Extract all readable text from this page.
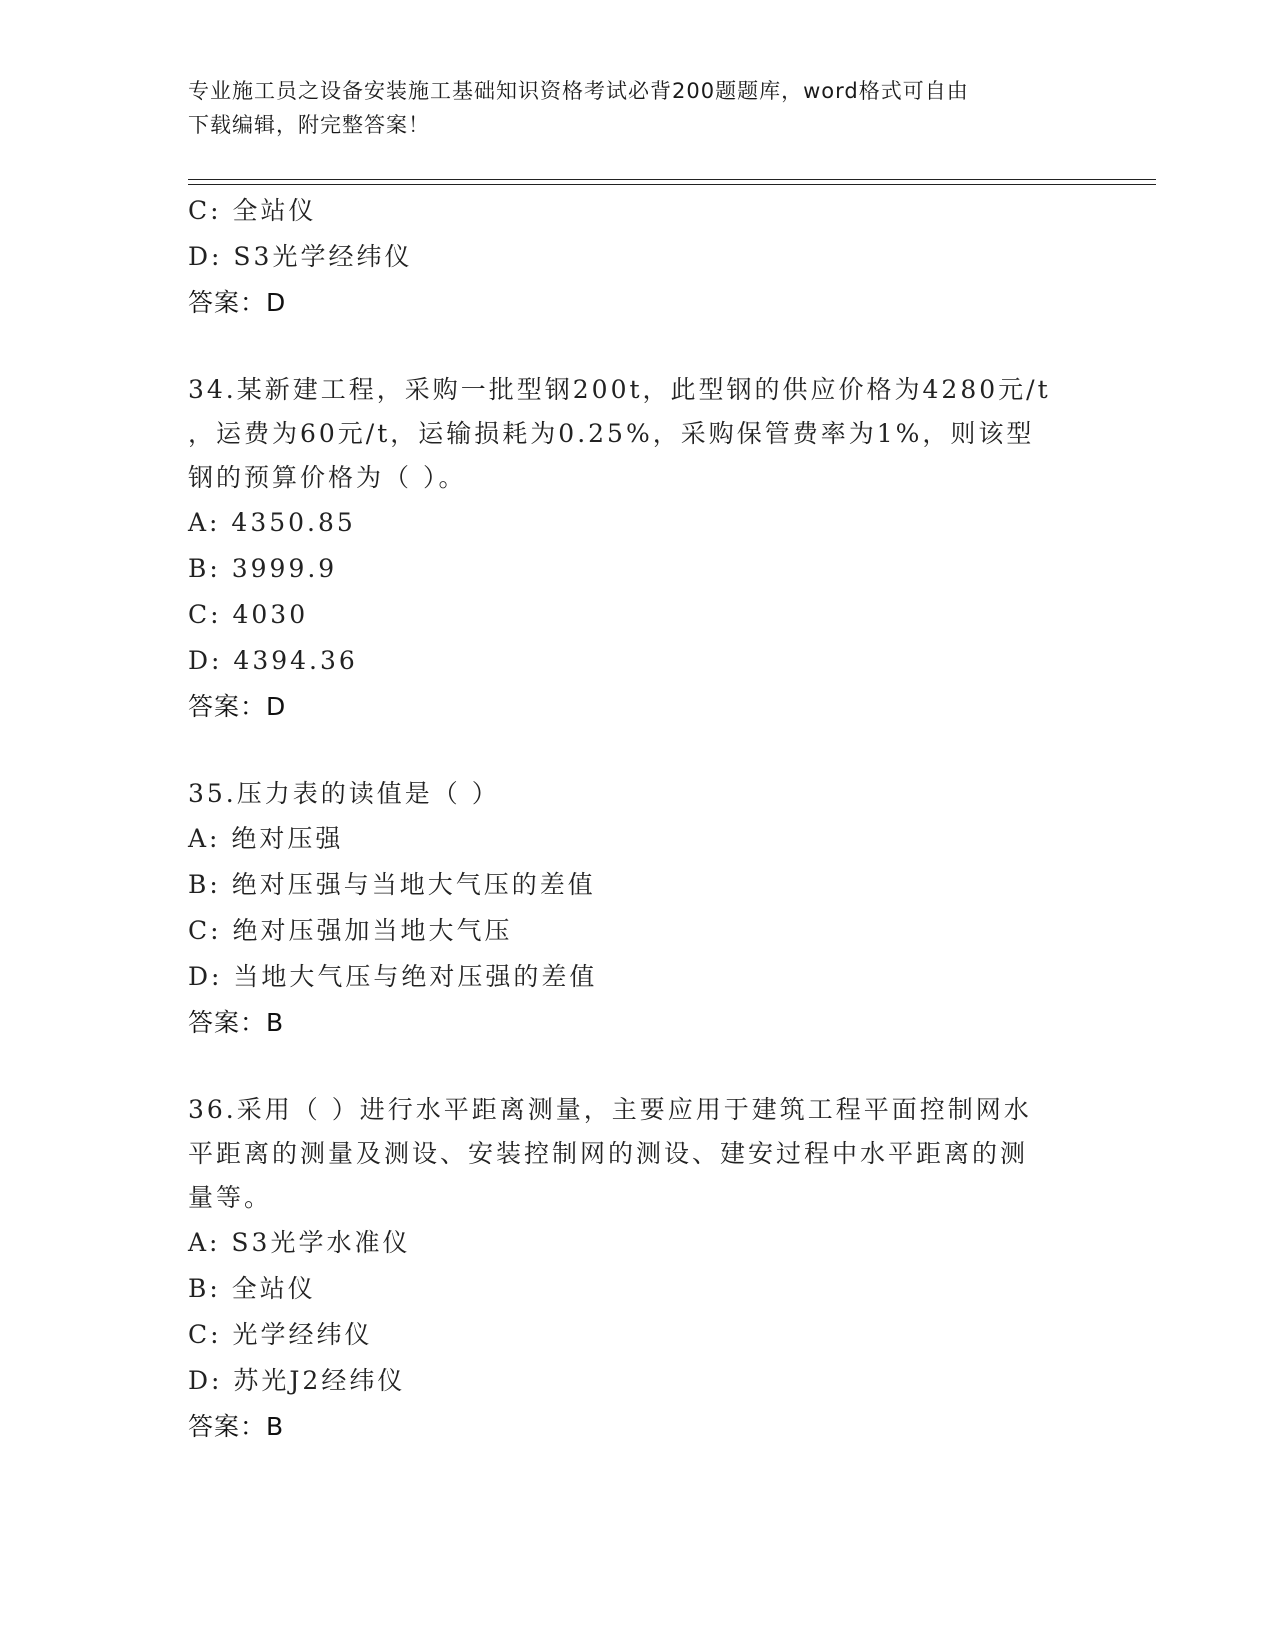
专业施工员之设备安装施工基础知识资格考试必背200题题库，word格式可自由
下载编辑，附完整答案！
C: 全站仪
D: S3光学经纬仪
答案：D
34.某新建工程，采购一批型钢200t，此型钢的供应价格为4280元/t
，运费为60元/t，运输损耗为0.25%，采购保管费率为1%，则该型
钢的预算价格为（ ）。
A: 4350.85
B: 3999.9
C: 4030
D: 4394.36
答案：D
35.压力表的读值是（ ）
A: 绝对压强
B: 绝对压强与当地大气压的差值
C: 绝对压强加当地大气压
D: 当地大气压与绝对压强的差值
答案：B
36.采用（ ）进行水平距离测量，主要应用于建筑工程平面控制网水
平距离的测量及测设、安装控制网的测设、建安过程中水平距离的测
量等。
A: S3光学水准仪
B: 全站仪
C: 光学经纬仪
D: 苏光J2经纬仪
答案：B
